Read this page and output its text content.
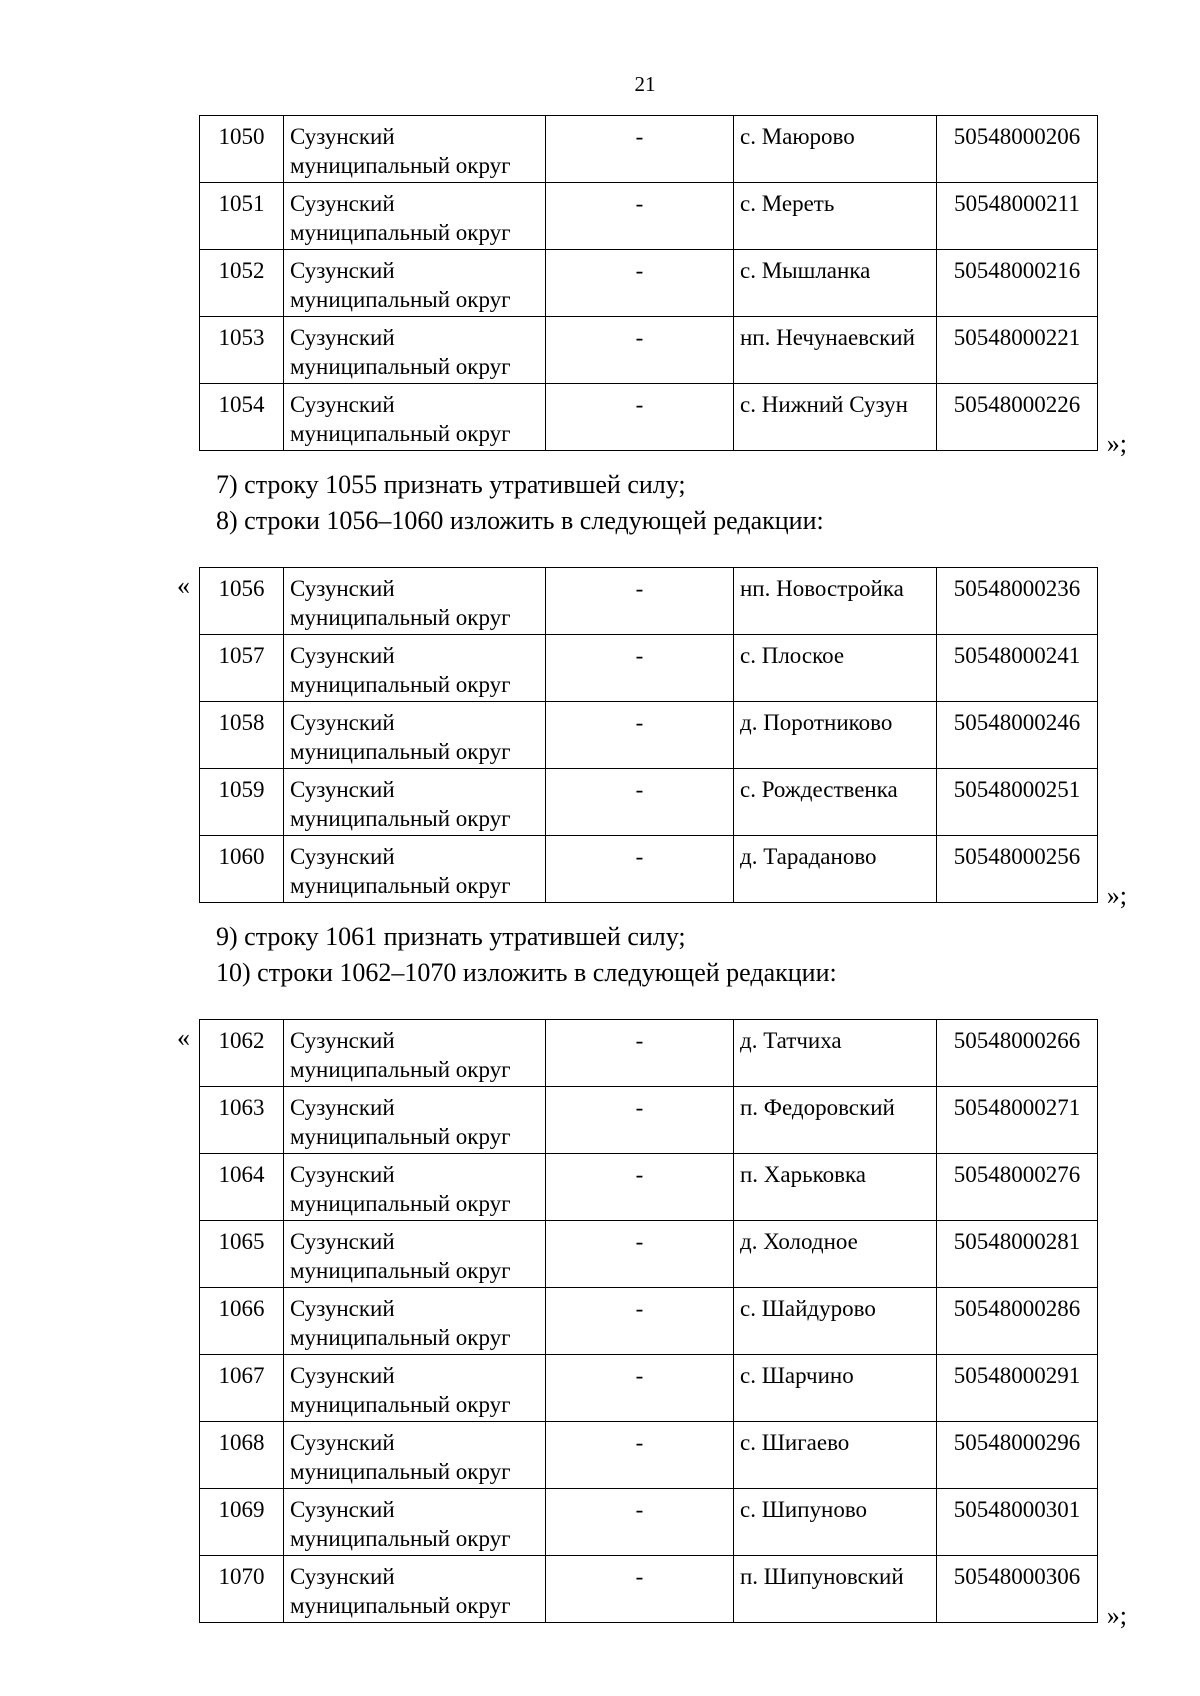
21
1050	Сузунский муниципальный округ	-	с. Маюрово	50548000206
1051	Сузунский муниципальный округ	-	с. Мереть	50548000211
1052	Сузунский муниципальный округ	-	с. Мышланка	50548000216
1053	Сузунский муниципальный округ	-	нп. Нечунаевский	50548000221
1054	Сузунский муниципальный округ	-	с. Нижний Сузун	50548000226
»;
7) строку 1055 признать утратившей силу;
8) строки 1056–1060 изложить в следующей редакции:
1056	Сузунский муниципальный округ	-	нп. Новостройка	50548000236
1057	Сузунский муниципальный округ	-	с. Плоское	50548000241
1058	Сузунский муниципальный округ	-	д. Поротниково	50548000246
1059	Сузунский муниципальный округ	-	с. Рождественка	50548000251
1060	Сузунский муниципальный округ	-	д. Тараданово	50548000256
«
»;
9) строку 1061 признать утратившей силу;
10) строки 1062–1070 изложить в следующей редакции:
1062	Сузунский муниципальный округ	-	д. Татчиха	50548000266
1063	Сузунский муниципальный округ	-	п. Федоровский	50548000271
1064	Сузунский муниципальный округ	-	п. Харьковка	50548000276
1065	Сузунский муниципальный округ	-	д. Холодное	50548000281
1066	Сузунский муниципальный округ	-	с. Шайдурово	50548000286
1067	Сузунский муниципальный округ	-	с. Шарчино	50548000291
1068	Сузунский муниципальный округ	-	с. Шигаево	50548000296
1069	Сузунский муниципальный округ	-	с. Шипуново	50548000301
1070	Сузунский муниципальный округ	-	п. Шипуновский	50548000306
«
»;
